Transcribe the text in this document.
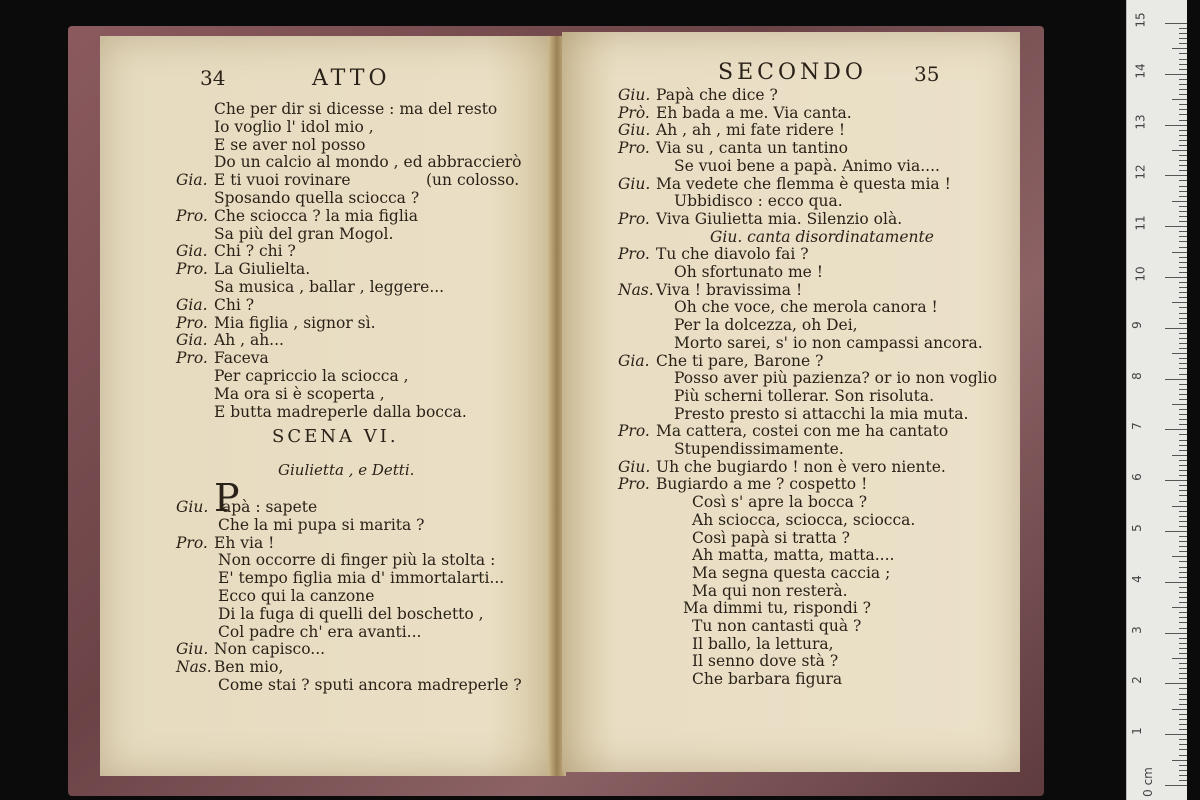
34	ATTO
Che per dir si dicesse : ma del resto
Io voglio l' idol mio ,
E se aver nol posso
Do un calcio al mondo , ed abbraccierò
Gia. E ti vuoi rovinare	(un colosso.
Sposando quella sciocca ?
Pro. Che sciocca ? la mia figlia
Sa più del gran Mogol.
Gia. Chi ? chi ?
Pro. La Giulielta.
Sa musica , ballar , leggere...
Gia. Chi ?
Pro. Mia figlia , signor sì.
Gia. Ah , ah...
Pro. Faceva
Per capriccio la sciocca ,
Ma ora si è scoperta ,
E butta madreperle dalla bocca.
SCENA VI.
Giulietta , e Detti.
P
Giu. apà : sapete
Che la mi pupa si marita ?
Pro. Eh via !
Non occorre di finger più la stolta :
E' tempo figlia mia d' immortalarti...
Ecco qui la canzone
Di la fuga di quelli del boschetto ,
Col padre ch' era avanti...
Giu. Non capisco...
Nas. Ben mio,
Come stai ? sputi ancora madreperle ?
SECONDO 35
Giu. Papà che dice ?
Prò. Eh bada a me. Via canta.
Giu. Ah , ah , mi fate ridere !
Pro. Via su , canta un tantino
Se vuoi bene a papà. Animo via....
Giu. Ma vedete che flemma è questa mia !
Ubbidisco : ecco qua.
Pro. Viva Giulietta mia. Silenzio olà.
Giu. canta disordinatamente
Pro. Tu che diavolo fai ?
Oh sfortunato me !
Nas. Viva ! bravissima !
Oh che voce, che merola canora !
Per la dolcezza, oh Dei,
Morto sarei, s' io non campassi ancora.
Gia. Che ti pare, Barone ?
Posso aver più pazienza? or io non voglio
Più scherni tollerar. Son risoluta.
Presto presto si attacchi la mia muta.
Pro. Ma cattera, costei con me ha cantato
Stupendissimamente.
Giu. Uh che bugiardo ! non è vero niente.
Pro. Bugiardo a me ? cospetto !
Così s' apre la bocca ?
Ah sciocca, sciocca, sciocca.
Così papà si tratta ?
Ah matta, matta, matta....
Ma segna questa caccia ;
Ma qui non resterà.
Ma dimmi tu, rispondi ?
Tu non cantasti quà ?
Il ballo, la lettura,
Il senno dove stà ?
Che barbara figura
0 cm
1
2
3
4
5
6
7
8
9
10
11
12
13
14
15
